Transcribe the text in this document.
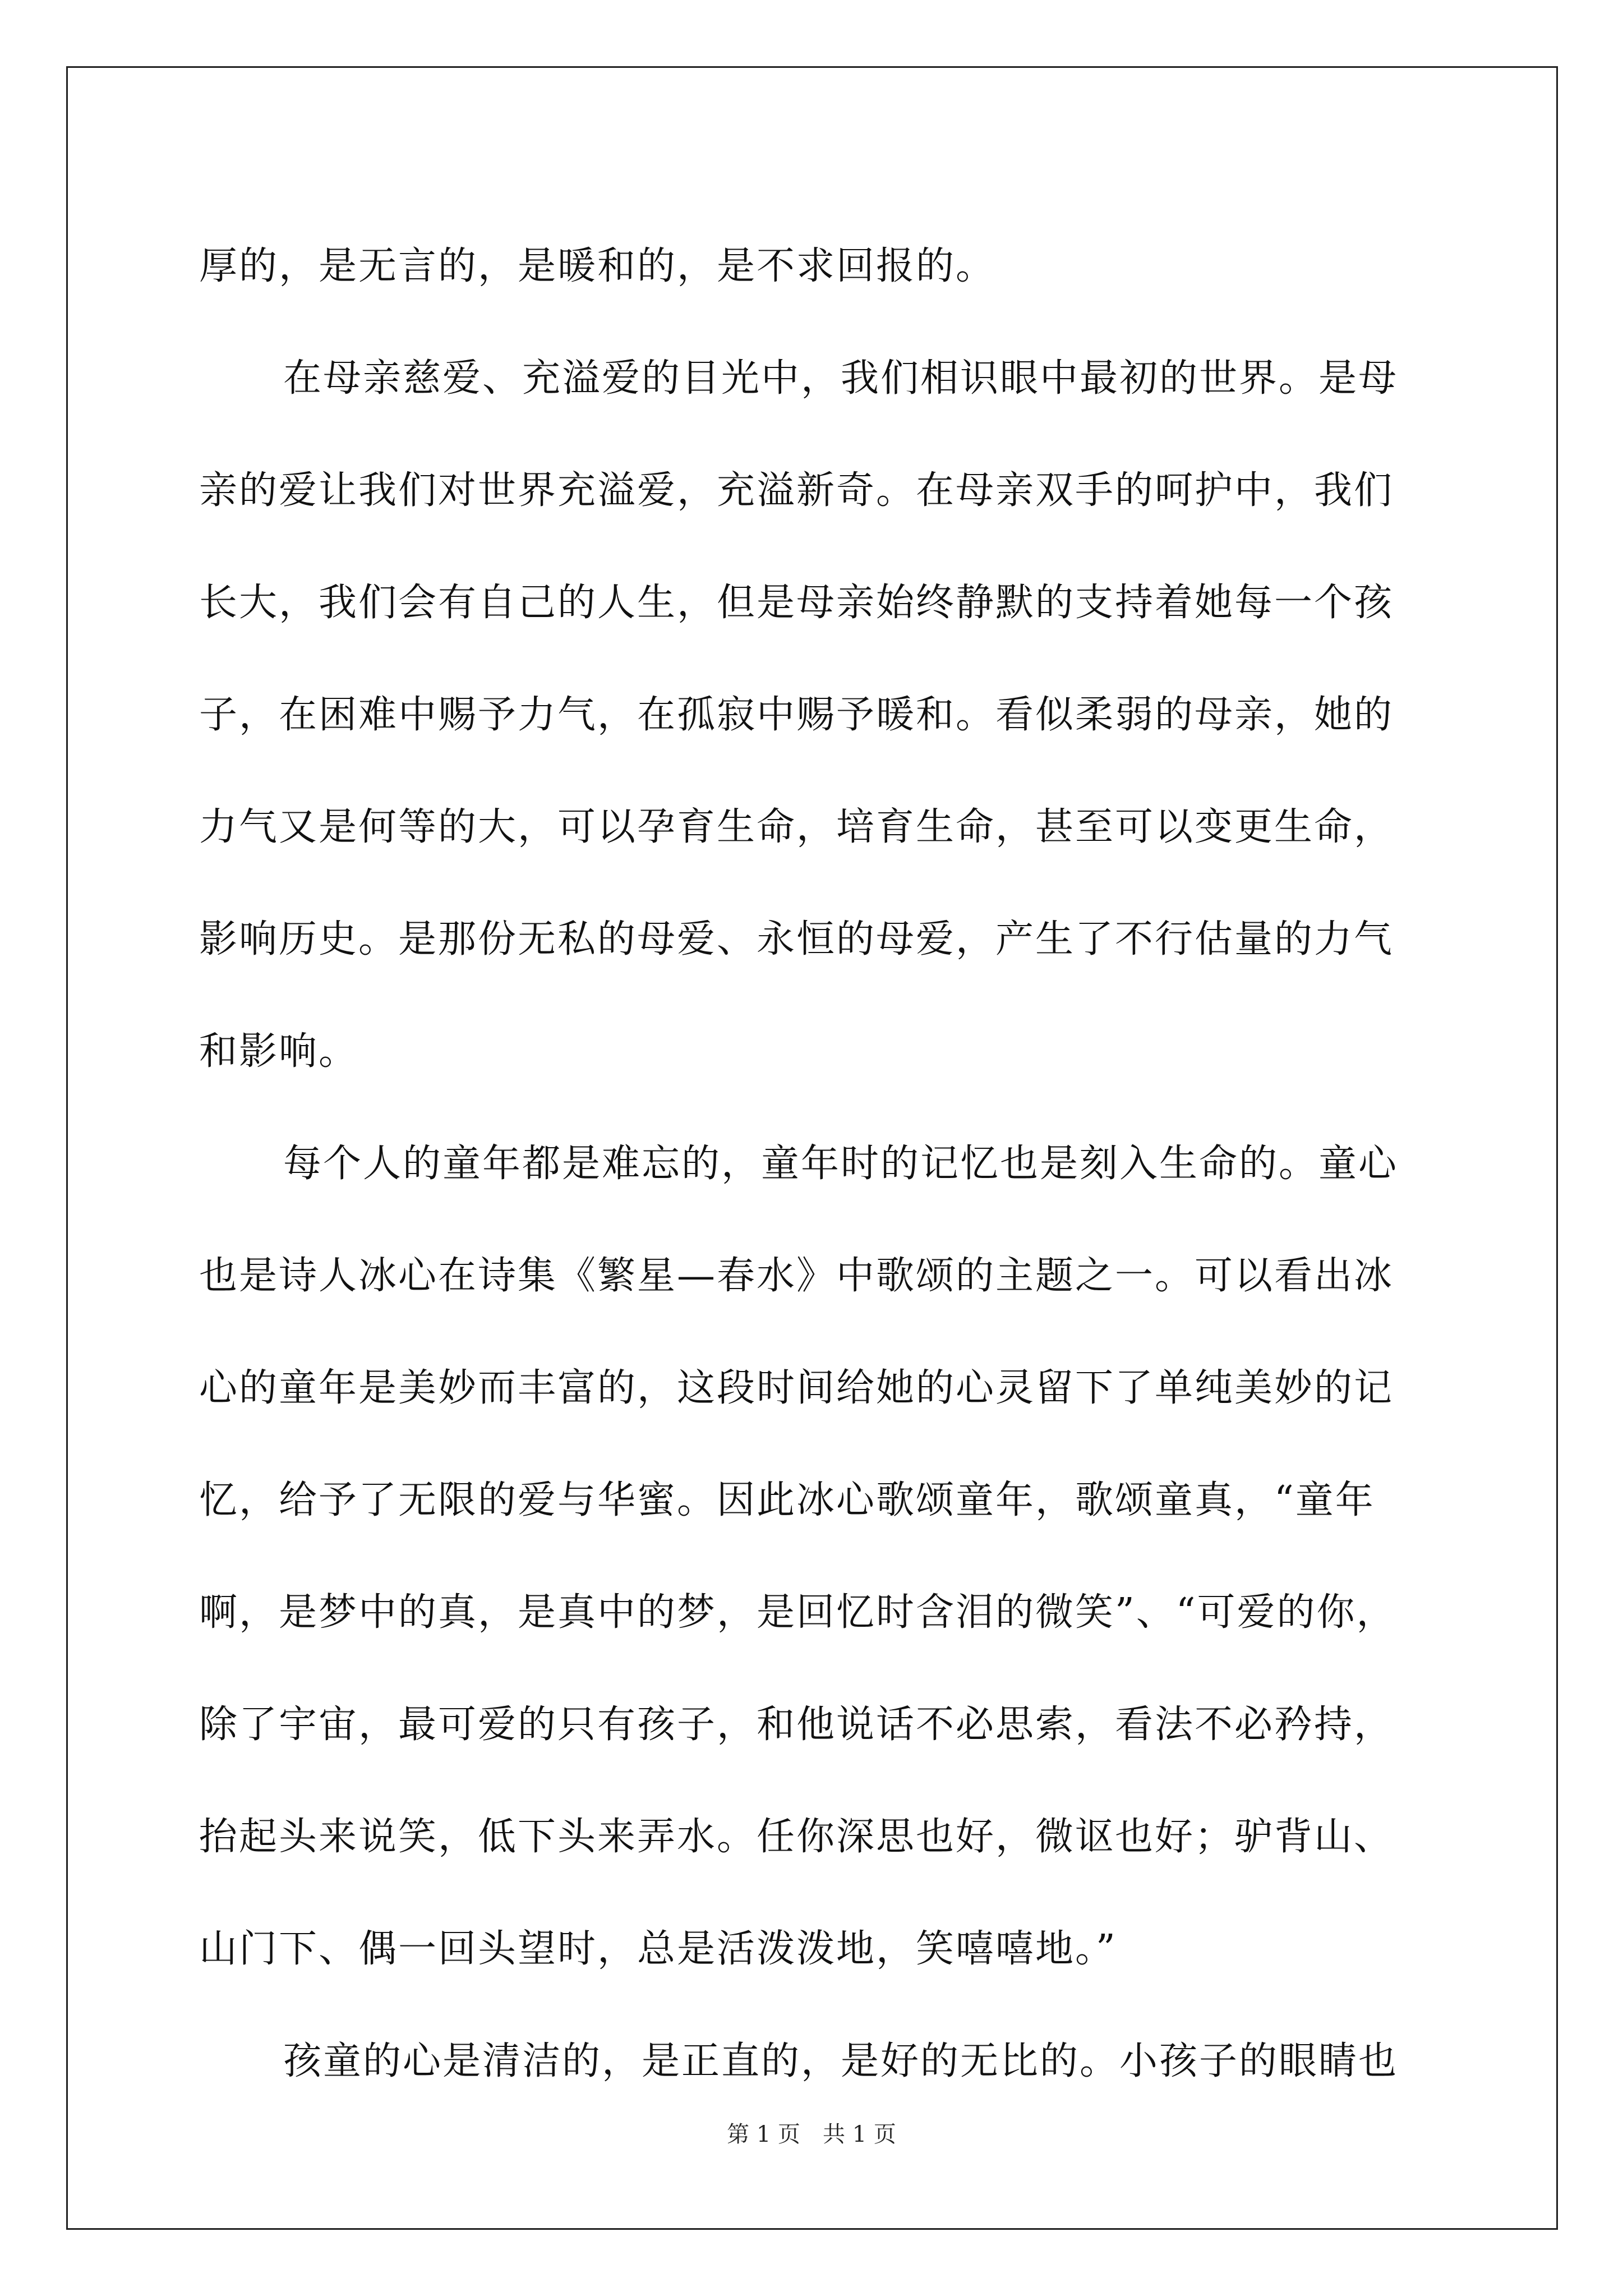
厚的，是无言的，是暖和的，是不求回报的。
在母亲慈爱、充溢爱的目光中，我们相识眼中最初的世界。是母
亲的爱让我们对世界充溢爱，充溢新奇。在母亲双手的呵护中，我们
长大，我们会有自己的人生，但是母亲始终静默的支持着她每一个孩
子，在困难中赐予力气，在孤寂中赐予暖和。看似柔弱的母亲，她的
力气又是何等的大，可以孕育生命，培育生命，甚至可以变更生命，
影响历史。是那份无私的母爱、永恒的母爱，产生了不行估量的力气
和影响。
每个人的童年都是难忘的，童年时的记忆也是刻入生命的。童心
也是诗人冰心在诗集《繁星—春水》中歌颂的主题之一。可以看出冰
心的童年是美妙而丰富的，这段时间给她的心灵留下了单纯美妙的记
忆，给予了无限的爱与华蜜。因此冰心歌颂童年，歌颂童真，“童年
啊，是梦中的真，是真中的梦，是回忆时含泪的微笑”、“可爱的你，
除了宇宙，最可爱的只有孩子，和他说话不必思索，看法不必矜持，
抬起头来说笑，低下头来弄水。任你深思也好，微讴也好；驴背山、
山门下、偶一回头望时，总是活泼泼地，笑嘻嘻地。”
孩童的心是清洁的，是正直的，是好的无比的。小孩子的眼睛也
第 1 页 共 1 页
